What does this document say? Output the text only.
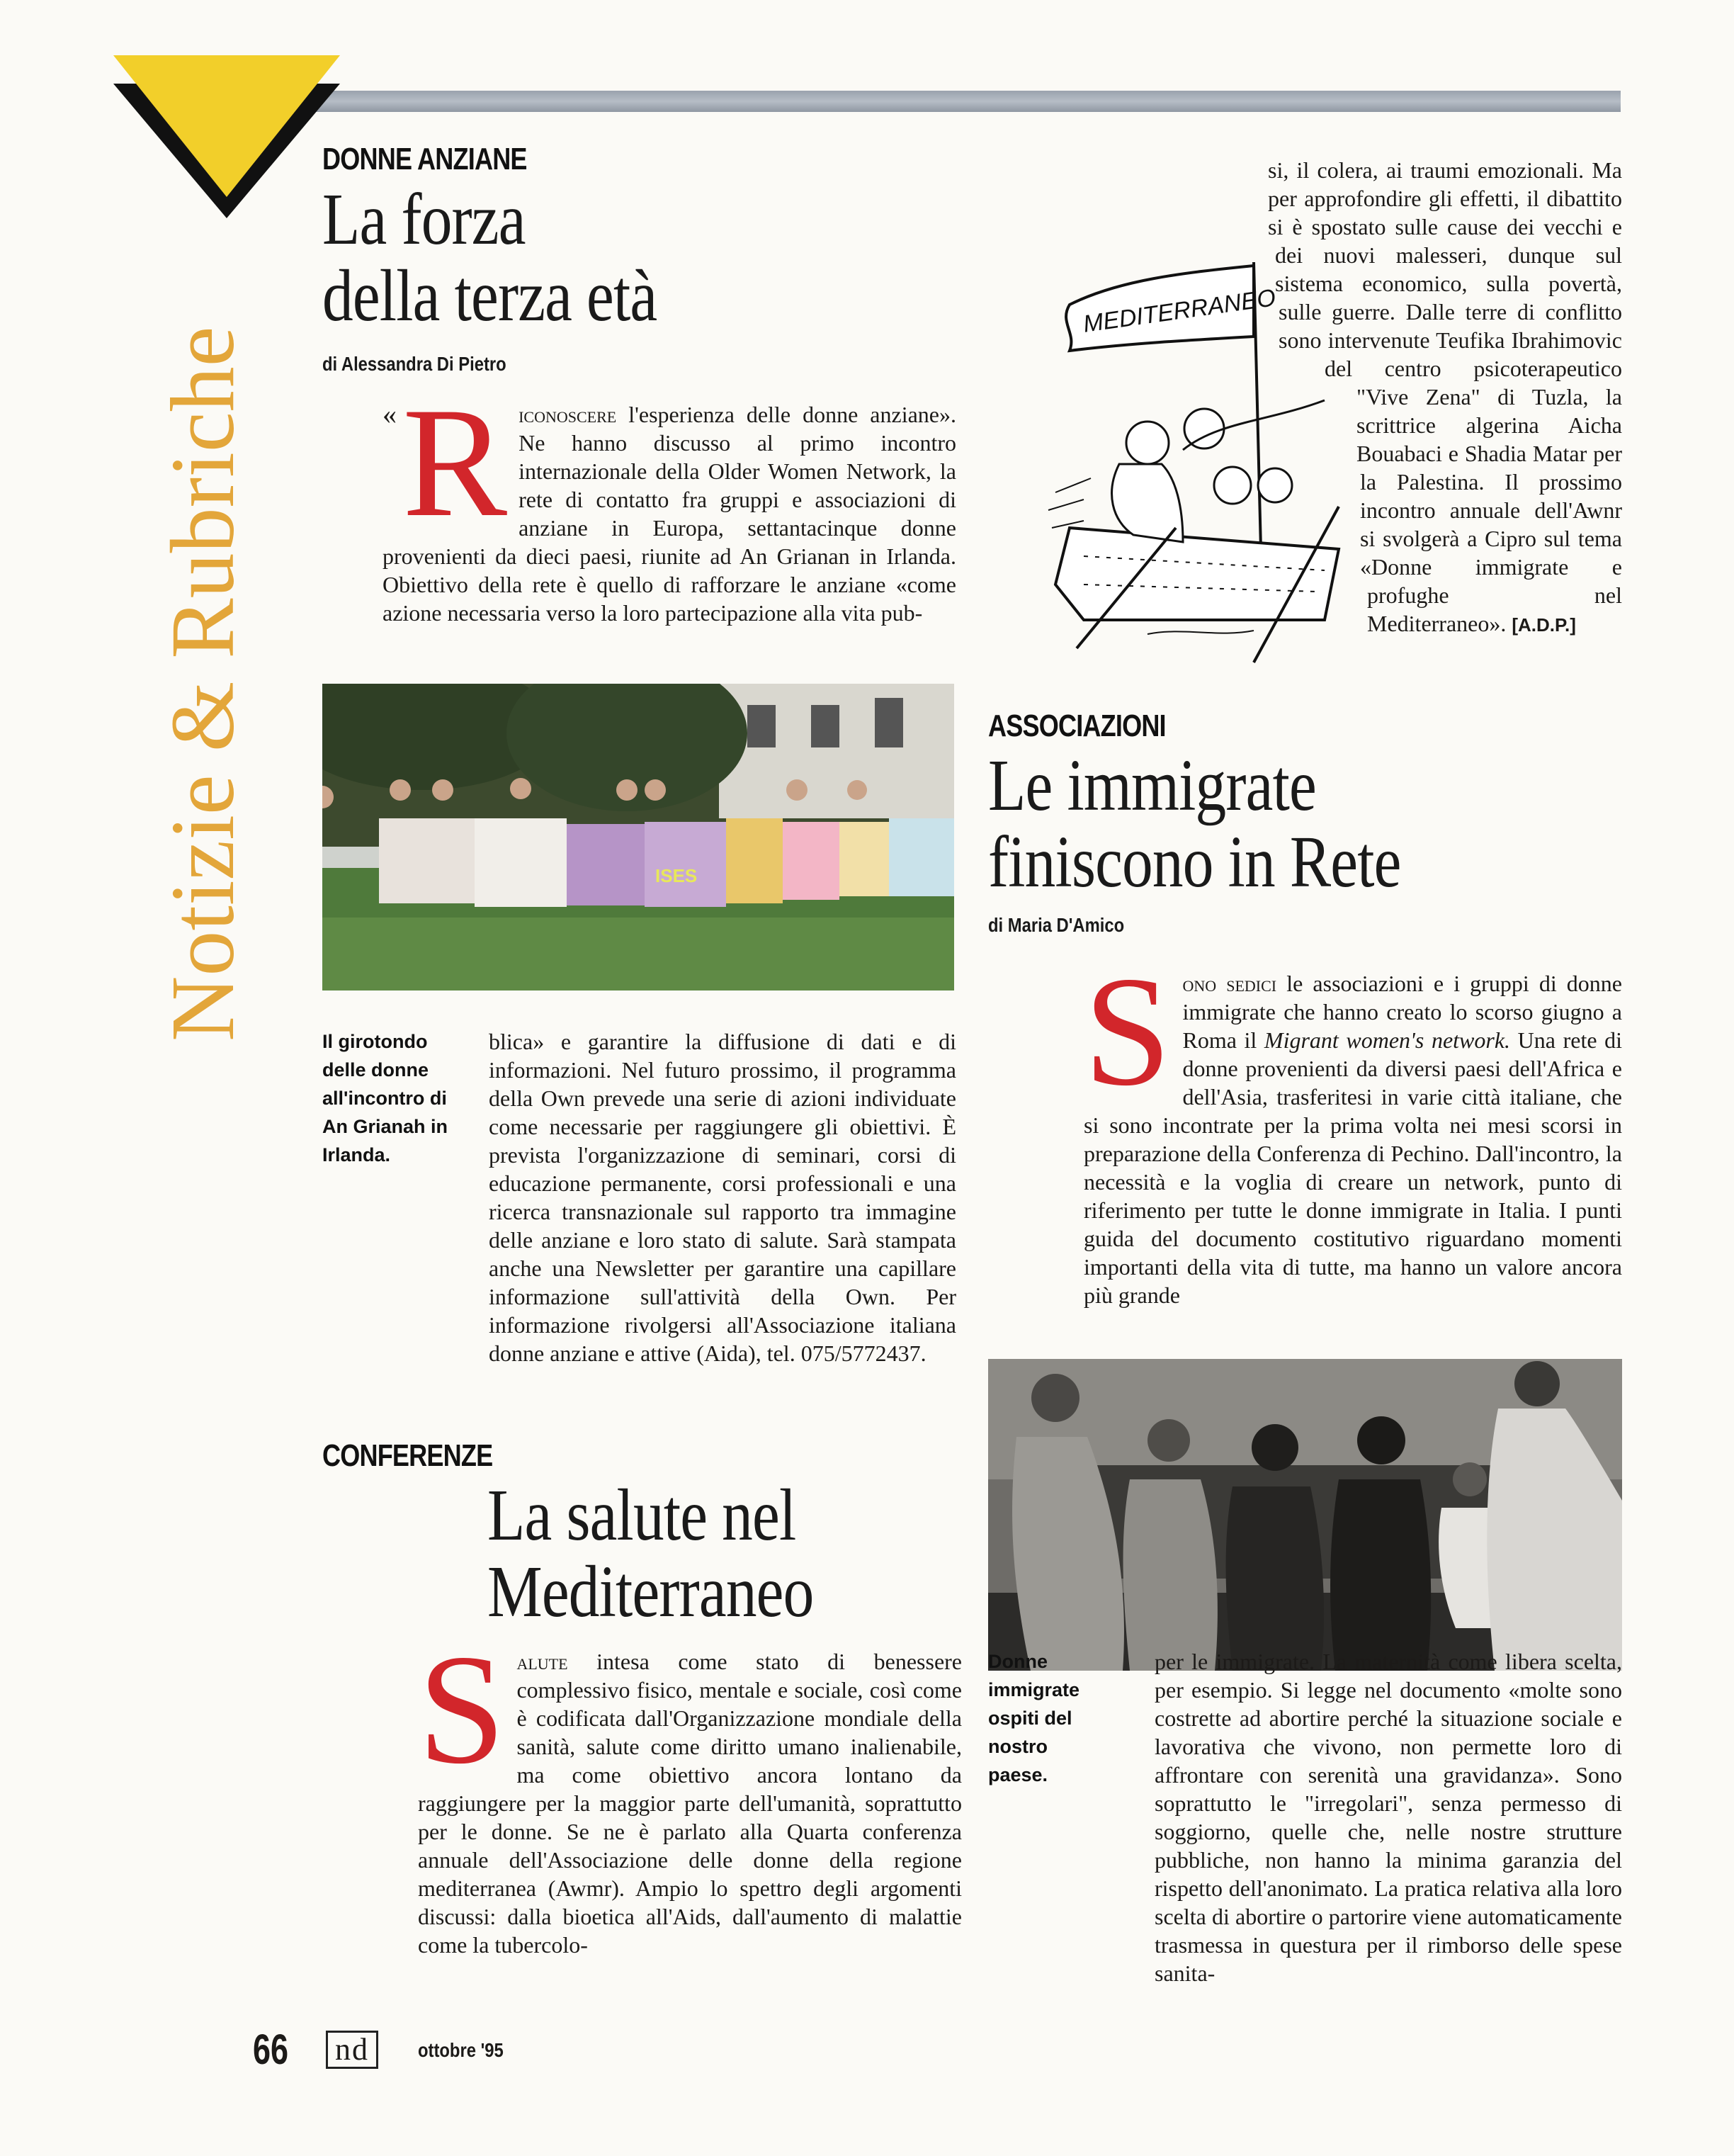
Notizie & Rubriche
DONNE ANZIANE
La forza
della terza età
di Alessandra Di Pietro

« R iconoscere l'esperienza delle donne anziane». Ne hanno discusso al primo incontro internazionale della Older Women Network, la rete di contatto fra gruppi e associazioni di anziane in Europa, settantacinque donne provenienti da dieci paesi, riunite ad An Grianan in Irlanda. Obiettivo della rete è quello di rafforzare le anziane «come azione necessaria verso la loro partecipazione alla vita pub-

ISES
Il girotondo delle donne all'incontro di An Grianah in Irlanda.

blica» e garantire la diffusione di dati e di informazioni. Nel futuro prossimo, il programma della Own prevede una serie di azioni individuate come necessarie per raggiungere gli obiettivi. È prevista l'organizzazione di seminari, corsi di educazione permanente, corsi professionali e una ricerca transnazionale sul rapporto tra immagine delle anziane e loro stato di salute. Sarà stampata anche una Newsletter per garantire una capillare informazione sull'attività della Own. Per informazione rivolgersi all'Associazione italiana donne anziane e attive (Aida), tel. 075/5772437.

CONFERENZE
La salute nel
Mediterraneo

S alute intesa come stato di benessere complessivo fisico, mentale e sociale, così come è codificata dall'Organizzazione mondiale della sanità, salute come diritto umano inalienabile, ma come obiettivo ancora lontano da raggiungere per la maggior parte dell'umanità, soprattutto per le donne. Se ne è parlato alla Quarta conferenza annuale dell'Associazione delle donne della regione mediterranea (Awmr). Ampio lo spettro degli argomenti discussi: dalla bioetica all'Aids, dall'aumento di malattie come la tubercolo-

MEDITERRANEO

si, il colera, ai traumi emozionali. Ma per approfondire gli effetti, il dibattito si è spostato sulle cause dei vecchi e dei nuovi malesseri, dunque sul sistema economico, sulla povertà, sulle guerre. Dalle terre di conflitto sono intervenute Teufika Ibrahimovic del centro psicoterapeutico "Vive Zena" di Tuzla, la scrittrice algerina Aicha Bouabaci e Shadia Matar per la Palestina. Il prossimo incontro annuale dell'Awnr si svolgerà a Cipro sul tema «Donne immigrate e profughe nel Mediterraneo». [A.D.P.]

ASSOCIAZIONI
Le immigrate
finiscono in Rete
di Maria D'Amico

S ono sedici le associazioni e i gruppi di donne immigrate che hanno creato lo scorso giugno a Roma il Migrant women's network. Una rete di donne provenienti da diversi paesi dell'Africa e dell'Asia, trasferitesi in varie città italiane, che si sono incontrate per la prima volta nei mesi scorsi in preparazione della Conferenza di Pechino. Dall'incontro, la necessità e la voglia di creare un network, punto di riferimento per tutte le donne immigrate in Italia. I punti guida del documento costitutivo riguardano momenti importanti della vita di tutte, ma hanno un valore ancora più grande

Donne immigrate ospiti del nostro paese.

per le immigrate. La maternità come libera scelta, per esempio. Si legge nel documento «molte sono costrette ad abortire perché la situazione sociale e lavorativa che vivono, non permette loro di affrontare con serenità una gravidanza». Sono soprattutto le "irregolari", senza permesso di soggiorno, quelle che, nelle nostre strutture pubbliche, non hanno la minima garanzia del rispetto dell'anonimato. La pratica relativa alla loro scelta di abortire o partorire viene automaticamente trasmessa in questura per il rimborso delle spese sanita-

66 nd	ottobre '95
